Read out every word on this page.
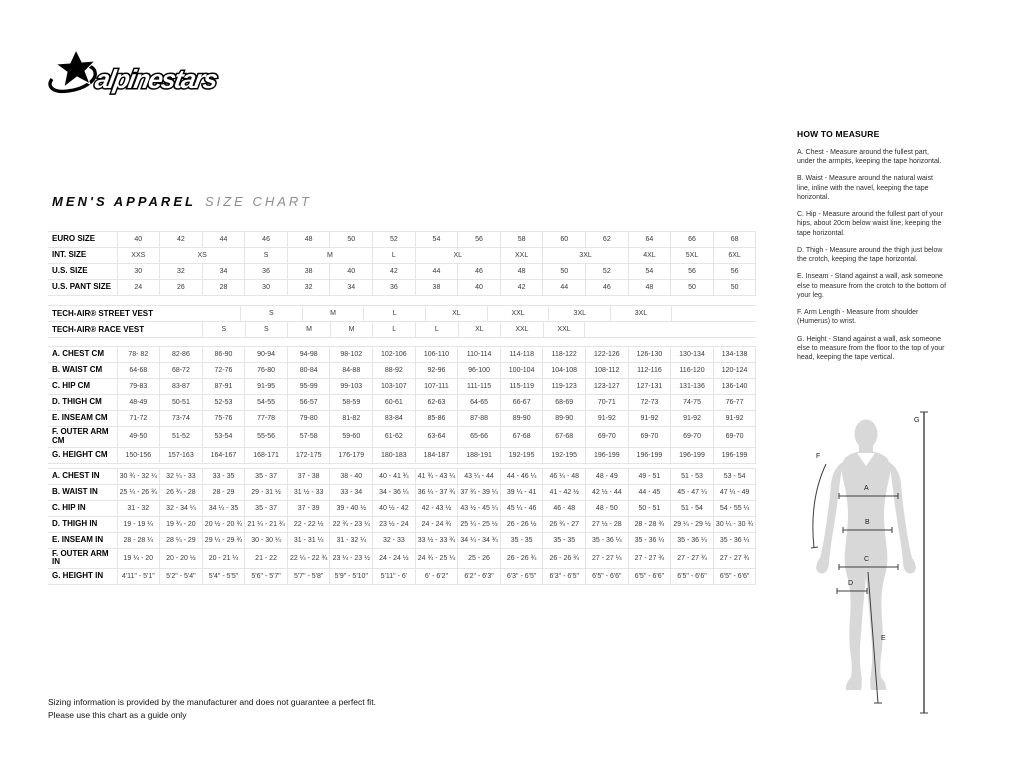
alpinestars
MEN'S APPAREL SIZE CHART
EURO SIZE	40	42	44	46	48	50	52	54	56	58	60	62	64	66	68
INT. SIZE	XXS	XS		S	M		L	XL		XXL	3XL		4XL	5XL	6XL
U.S. SIZE	30	32	34	36	38	40	42	44	46	48	50	52	54	56	56
U.S. PANT SIZE	24	26	28	30	32	34	36	38	40	42	44	46	48	50	50
TECH-AIR® STREET VEST	S	M	L	XL	XXL	3XL	3XL
TECH-AIR® RACE VEST	S	S	M	M	L	L	XL	XXL	XXL
A. CHEST CM	78- 82	82-86	86-90	90-94	94-98	98-102	102-106	106-110	110-114	114-118	118-122	122-126	126-130	130-134	134-138
B. WAIST CM	64-68	68-72	72-76	76-80	80-84	84-88	88-92	92-96	96-100	100-104	104-108	108-112	112-116	116-120	120-124
C. HIP CM	79-83	83-87	87-91	91-95	95-99	99-103	103-107	107-111	111-115	115-119	119-123	123-127	127-131	131-136	136-140
D. THIGH CM	48-49	50-51	52-53	54-55	56-57	58-59	60-61	62-63	64-65	66-67	68-69	70-71	72-73	74-75	76-77
E. INSEAM CM	71-72	73-74	75-76	77-78	79-80	81-82	83-84	85-86	87-88	89-90	89-90	91-92	91-92	91-92	91-92
F. OUTER ARM CM	49-50	51-52	53-54	55-56	57-58	59-60	61-62	63-64	65-66	67-68	67-68	69-70	69-70	69-70	69-70
G. HEIGHT CM	150-156	157-163	164-167	168-171	172-175	176-179	180-183	184-187	188-191	192-195	192-195	196-199	196-199	196-199	196-199
A. CHEST IN	30 ¾ - 32 ¼	32 ¼ - 33	33 - 35	35 - 37	37 - 38	38 - 40	40 - 41 ¾	41 ¾ - 43 ¼	43 ¼ - 44	44 - 46 ¼	46 ¼ - 48	48 - 49	49 - 51	51 - 53	53 - 54
B. WAIST IN	25 ¼ - 26 ¾	26 ¾ - 28	28 - 29	29 - 31 ½	31 ½ - 33	33 - 34	34 - 36 ¼	36 ¼ - 37 ¾	37 ¾ - 39 ¼	39 ¼ - 41	41 - 42 ½	42 ½ - 44	44 - 45	45 - 47 ¼	47 ¼ - 49
C. HIP IN	31 - 32	32 - 34 ¼	34 ¼ - 35	35 - 37	37 - 39	39 - 40 ½	40 ½ - 42	42 - 43 ½	43 ½ - 45 ¼	45 ¼ - 46	46 - 48	48 - 50	50 - 51	51 - 54	54 - 55 ¼
D. THIGH IN	19 - 19 ¼	19 ¾ - 20	20 ½ - 20 ¾	21 ¼ - 21 ¾	22 - 22 ½	22 ¾ - 23 ¼	23 ½ - 24	24 - 24 ¾	25 ¼ - 25 ½	26 - 26 ½	26 ¾ - 27	27 ½ - 28	28 - 28 ¾	29 ¼ - 29 ½	30 ¼ - 30 ¾
E. INSEAM IN	28 - 28 ¼	28 ¼ - 29	29 ¼ - 29 ¾	30 - 30 ¼	31 - 31 ¼	31 - 32 ¼	32 - 33	33 ½ - 33 ¾	34 ¼ - 34 ¾	35 - 35	35 - 35	35 - 36 ¼	35 - 36 ¼	35 - 36 ¼	35 - 36 ¼
F. OUTER ARM IN	19 ¼ - 20	20 - 20 ½	20 - 21 ¼	21 - 22	22 ¼ - 22 ¾	23 ¼ - 23 ½	24 - 24 ½	24 ¾ - 25 ¼	25 - 26	26 - 26 ¾	26 - 26 ¾	27 - 27 ¼	27 - 27 ¾	27 - 27 ¾	27 - 27 ¾
G. HEIGHT IN	4'11" - 5'1"	5'2" - 5'4"	5'4" - 5'5"	5'6" - 5'7"	5'7" - 5'8"	5'9" - 5'10"	5'11" - 6'	6' - 6'2"	6'2" - 6'3"	6'3" - 6'5"	6'3" - 6'5"	6'5" - 6'6"	6'5" - 6'6"	6'5" - 6'6"	6'5" - 6'6"
HOW TO MEASURE

A. Chest - Measure around the fullest part, under the armpits, keeping the tape horizontal.

B. Waist - Measure around the natural waist line, inline with the navel, keeping the tape horizontal.

C. Hip - Measure around the fullest part of your hips, about 20cm below waist line, keeping the tape horizontal.

D. Thigh - Measure around the thigh just below the crotch, keeping the tape horizontal.

E. Inseam - Stand against a wall, ask someone else to measure from the crotch to the bottom of your leg.

F. Arm Length - Measure from shoulder (Humerus) to wrist.

G. Height - Stand against a wall, ask someone else to measure from the floor to the top of your head, keeping the tape vertical.

A
B
C
D
E
F
G
Sizing information is provided by the manufacturer and does not guarantee a perfect fit.
Please use this chart as a guide only
